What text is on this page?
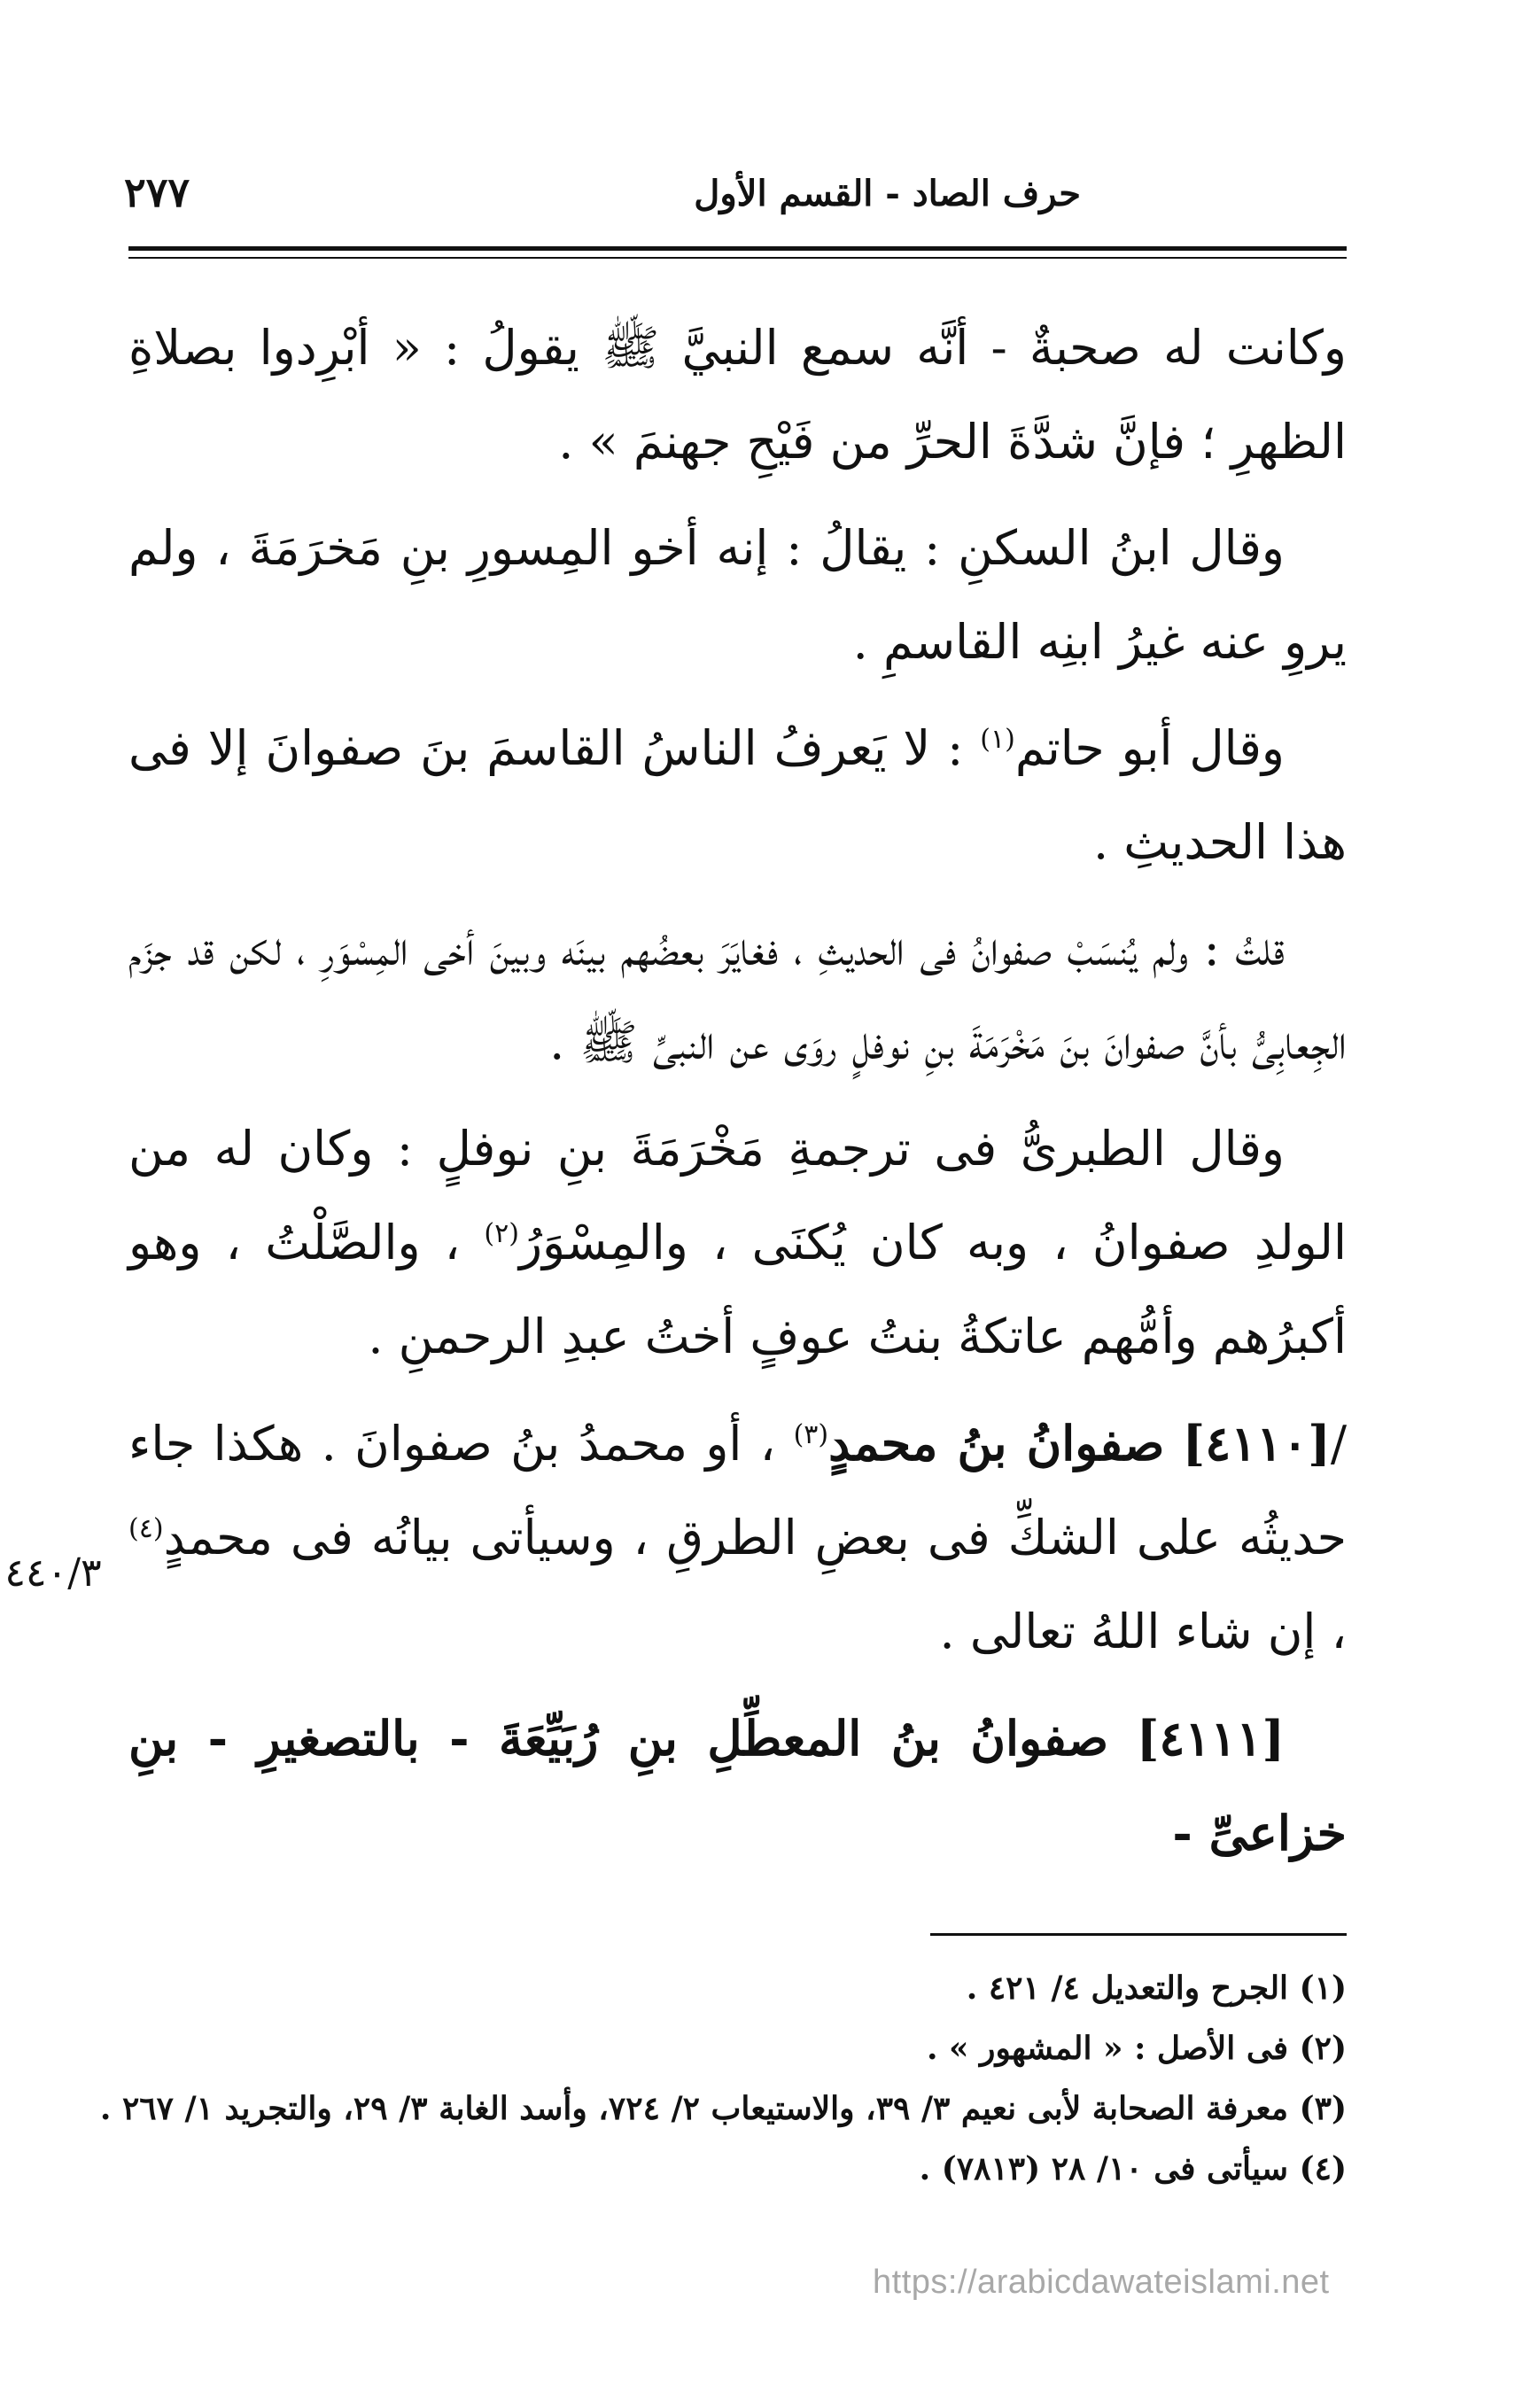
حرف الصاد - القسم الأول
٢٧٧

وكانت له صحبةٌ - أنَّه سمع النبيَّ ﷺ يقولُ : « أبْرِدوا بصلاةِ الظهرِ ؛ فإنَّ شدَّةَ الحرِّ من فَيْحِ جهنمَ » .

وقال ابنُ السكنِ : يقالُ : إنه أخو المِسورِ بنِ مَخرَمَةَ ، ولم يروِ عنه غيرُ ابنِه القاسمِ .

وقال أبو حاتم$^{(١)}$ : لا يَعرفُ الناسُ القاسمَ بنَ صفوانَ إلا فى هذا الحديثِ .

قلتُ : ولم يُنسَبْ صفوانُ فى الحديثِ ، فغايَرَ بعضُهم بينَه وبينَ أخى المِسْوَرِ ، لكن قد جزَم الجِعابِىُّ بأنَّ صفوانَ بنَ مَخْرَمَةَ بنِ نوفلٍ روَى عن النبىِّ ﷺ .

وقال الطبرىُّ فى ترجمةِ مَخْرَمَةَ بنِ نوفلٍ : وكان له من الولدِ صفوانُ ، وبه كان يُكنَى ، والمِسْوَرُ$^{(٢)}$ ، والصَّلْتُ ، وهو أكبرُهم وأمُّهم عاتكةُ بنتُ عوفٍ أختُ عبدِ الرحمنِ .

/[٤١١٠] صفوانُ بنُ محمدٍ$^{(٣)}$ ، أو محمدُ بنُ صفوانَ . هكذا جاء حديثُه على الشكِّ فى بعضِ الطرقِ ، وسيأتى بيانُه فى محمدٍ$^{(٤)}$ ، إن شاء اللهُ تعالى .

[٤١١١] صفوانُ بنُ المعطِّلِ بنِ رُبَيِّعَةَ - بالتصغيرِ - بنِ خزاعىِّ -

٤٤٠/٣

(١) الجرح والتعديل ٤/ ٤٢١ .

(٢) فى الأصل : « المشهور » .

(٣) معرفة الصحابة لأبى نعيم ٣/ ٣٩، والاستيعاب ٢/ ٧٢٤، وأسد الغابة ٣/ ٢٩، والتجريد ١/ ٢٦٧ .

(٤) سيأتى فى ١٠/ ٢٨ (٧٨١٣) .

https://arabicdawateislami.net
